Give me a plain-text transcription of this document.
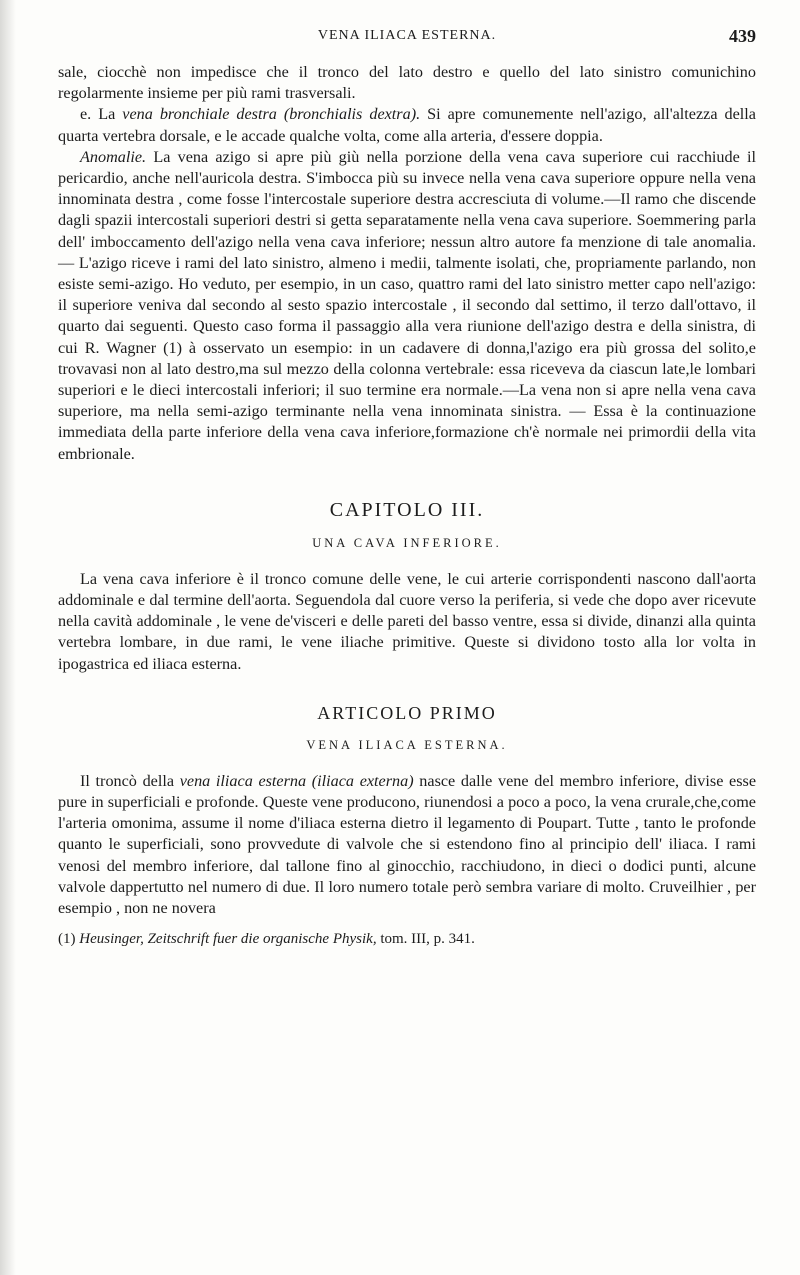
VENA ILIACA ESTERNA.	439

sale, ciocchè non impedisce che il tronco del lato destro e quello del lato sinistro comunichino regolarmente insieme per più rami trasversali.

e. La vena bronchiale destra (bronchialis dextra). Si apre comunemente nell'azigo, all'altezza della quarta vertebra dorsale, e le accade qualche volta, come alla arteria, d'essere doppia.

Anomalie. La vena azigo si apre più giù nella porzione della vena cava superiore cui racchiude il pericardio, anche nell'auricola destra. S'imbocca più su invece nella vena cava superiore oppure nella vena innominata destra , come fosse l'intercostale superiore destra accresciuta di volume.—Il ramo che discende dagli spazii intercostali superiori destri si getta separatamente nella vena cava superiore. Soemmering parla dell' imboccamento dell'azigo nella vena cava inferiore; nessun altro autore fa menzione di tale anomalia. — L'azigo riceve i rami del lato sinistro, almeno i medii, talmente isolati, che, propriamente parlando, non esiste semi-azigo. Ho veduto, per esempio, in un caso, quattro rami del lato sinistro metter capo nell'azigo: il superiore veniva dal secondo al sesto spazio intercostale , il secondo dal settimo, il terzo dall'ottavo, il quarto dai seguenti. Questo caso forma il passaggio alla vera riunione dell'azigo destra e della sinistra, di cui R. Wagner (1) à osservato un esempio: in un cadavere di donna,l'azigo era più grossa del solito,e trovavasi non al lato destro,ma sul mezzo della colonna vertebrale: essa riceveva da ciascun late,le lombari superiori e le dieci intercostali inferiori; il suo termine era normale.—La vena non si apre nella vena cava superiore, ma nella semi-azigo terminante nella vena innominata sinistra. — Essa è la continuazione immediata della parte inferiore della vena cava inferiore,formazione ch'è normale nei primordii della vita embrionale.

CAPITOLO III.
UNA CAVA INFERIORE.

La vena cava inferiore è il tronco comune delle vene, le cui arterie corrispondenti nascono dall'aorta addominale e dal termine dell'aorta. Seguendola dal cuore verso la periferia, si vede che dopo aver ricevute nella cavità addominale , le vene de'visceri e delle pareti del basso ventre, essa si divide, dinanzi alla quinta vertebra lombare, in due rami, le vene iliache primitive. Queste si dividono tosto alla lor volta in ipogastrica ed iliaca esterna.

ARTICOLO PRIMO
VENA ILIACA ESTERNA.

Il troncò della vena iliaca esterna (iliaca externa) nasce dalle vene del membro inferiore, divise esse pure in superficiali e profonde. Queste vene producono, riunendosi a poco a poco, la vena crurale,che,come l'arteria omonima, assume il nome d'iliaca esterna dietro il legamento di Poupart. Tutte , tanto le profonde quanto le superficiali, sono provvedute di valvole che si estendono fino al principio dell' iliaca. I rami venosi del membro inferiore, dal tallone fino al ginocchio, racchiudono, in dieci o dodici punti, alcune valvole dappertutto nel numero di due. Il loro numero totale però sembra variare di molto. Cruveilhier , per esempio , non ne novera

(1) Heusinger, Zeitschrift fuer die organische Physik, tom. III, p. 341.
